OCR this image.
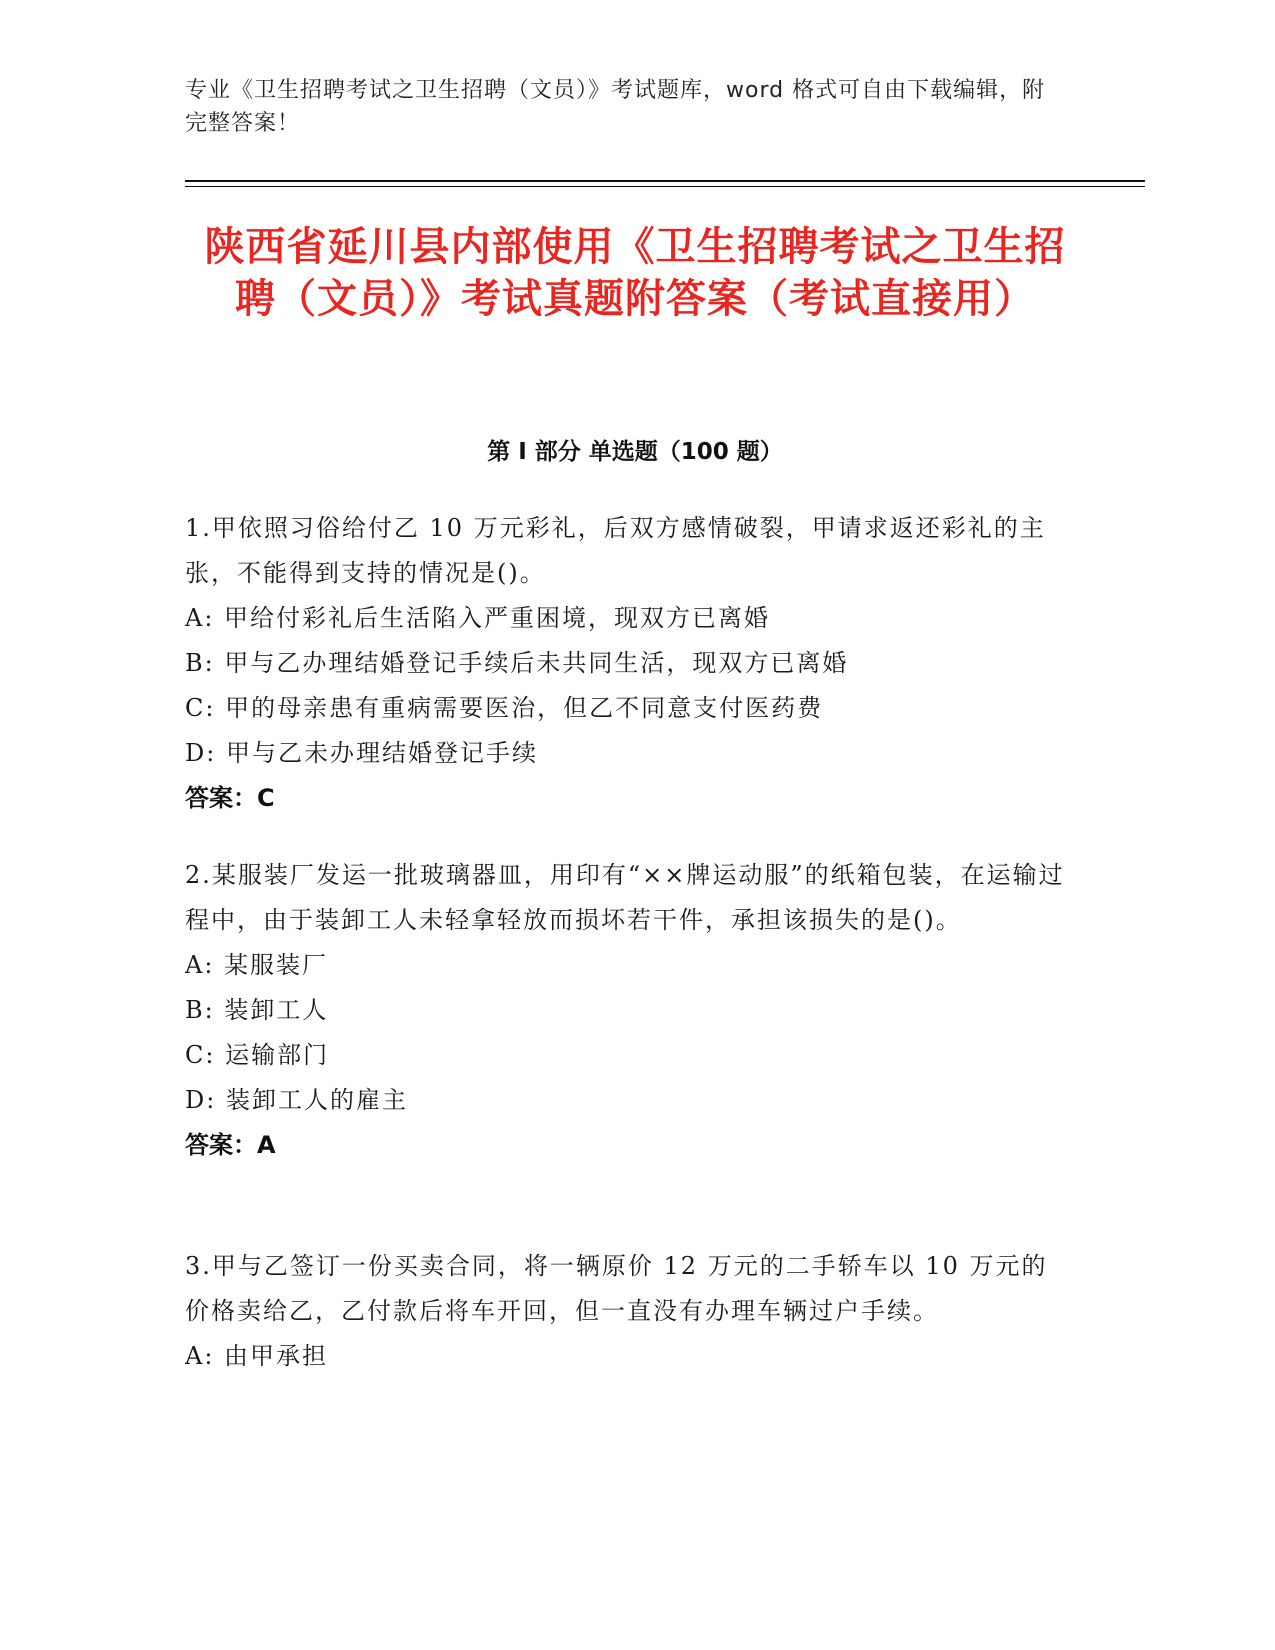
专业《卫生招聘考试之卫生招聘（文员）》考试题库，word 格式可自由下载编辑，附完整答案！

陕西省延川县内部使用《卫生招聘考试之卫生招聘（文员）》考试真题附答案（考试直接用）
第 I 部分 单选题（100 题）

1.甲依照习俗给付乙 10 万元彩礼，后双方感情破裂，甲请求返还彩礼的主张，不能得到支持的情况是()。

A: 甲给付彩礼后生活陷入严重困境，现双方已离婚

B: 甲与乙办理结婚登记手续后未共同生活，现双方已离婚

C: 甲的母亲患有重病需要医治，但乙不同意支付医药费

D: 甲与乙未办理结婚登记手续

答案：C

2.某服装厂发运一批玻璃器皿，用印有“××牌运动服”的纸箱包装，在运输过程中，由于装卸工人未轻拿轻放而损坏若干件，承担该损失的是()。

A: 某服装厂

B: 装卸工人

C: 运输部门

D: 装卸工人的雇主

答案：A

3.甲与乙签订一份买卖合同，将一辆原价 12 万元的二手轿车以 10 万元的价格卖给乙，乙付款后将车开回，但一直没有办理车辆过户手续。

A: 由甲承担
